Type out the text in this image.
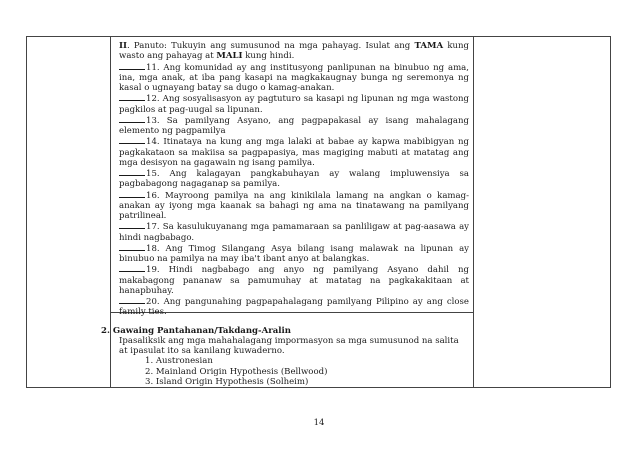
II. Panuto: Tukuyin ang sumusunod na mga pahayag. Isulat ang TAMA kung wasto ang pahayag at MALI kung hindi.

11. Ang komunidad ay ang institusyong panlipunan na binubuo ng ama, ina, mga anak, at iba pang kasapi na magkakaugnay bunga ng seremonya ng kasal o ugnayang batay sa dugo o kamag-anakan.

12. Ang sosyalisasyon ay pagtuturo sa kasapi ng lipunan ng mga wastong pagkilos at pag-uugal sa lipunan.

13. Sa pamilyang Asyano, ang pagpapakasal ay isang mahalagang elemento ng pagpamilya

14. Itinataya na kung ang mga lalaki at babae ay kapwa mabibigyan ng pagkakataon sa makiisa sa pagpapasiya, mas magiging mabuti at matatag ang mga desisyon na gagawain ng isang pamilya.

15. Ang kalagayan pangkabuhayan ay walang impluwensiya sa pagbabagong nagaganap sa pamilya.

16. Mayroong pamilya na ang kinikilala lamang na angkan o kamag-anakan ay iyong mga kaanak sa bahagi ng ama na tinatawang na pamilyang patrilineal.

17. Sa kasulukuyanang mga pamamaraan sa panliligaw at pag-aasawa ay hindi nagbabago.

18. Ang Timog Silangang Asya bilang isang malawak na lipunan ay binubuo na pamilya na may iba't ibant anyo at balangkas.

19. Hindi nagbabago ang anyo ng pamilyang Asyano dahil ng makabagong pananaw sa pamumuhay at matatag na pagkakakitaan at hanapbuhay.

20. Ang pangunahing pagpapahalagang pamilyang Pilipino ay ang close family ties.

2. Gawaing Pantahanan/Takdang-Aralin

Ipasaliksik ang mga mahahalagang impormasyon sa mga sumusunod na salita at ipasulat ito sa kanilang kuwaderno.

1. Austronesian

2. Mainland Origin Hypothesis (Bellwood)

3. Island Origin Hypothesis (Solheim)

14
